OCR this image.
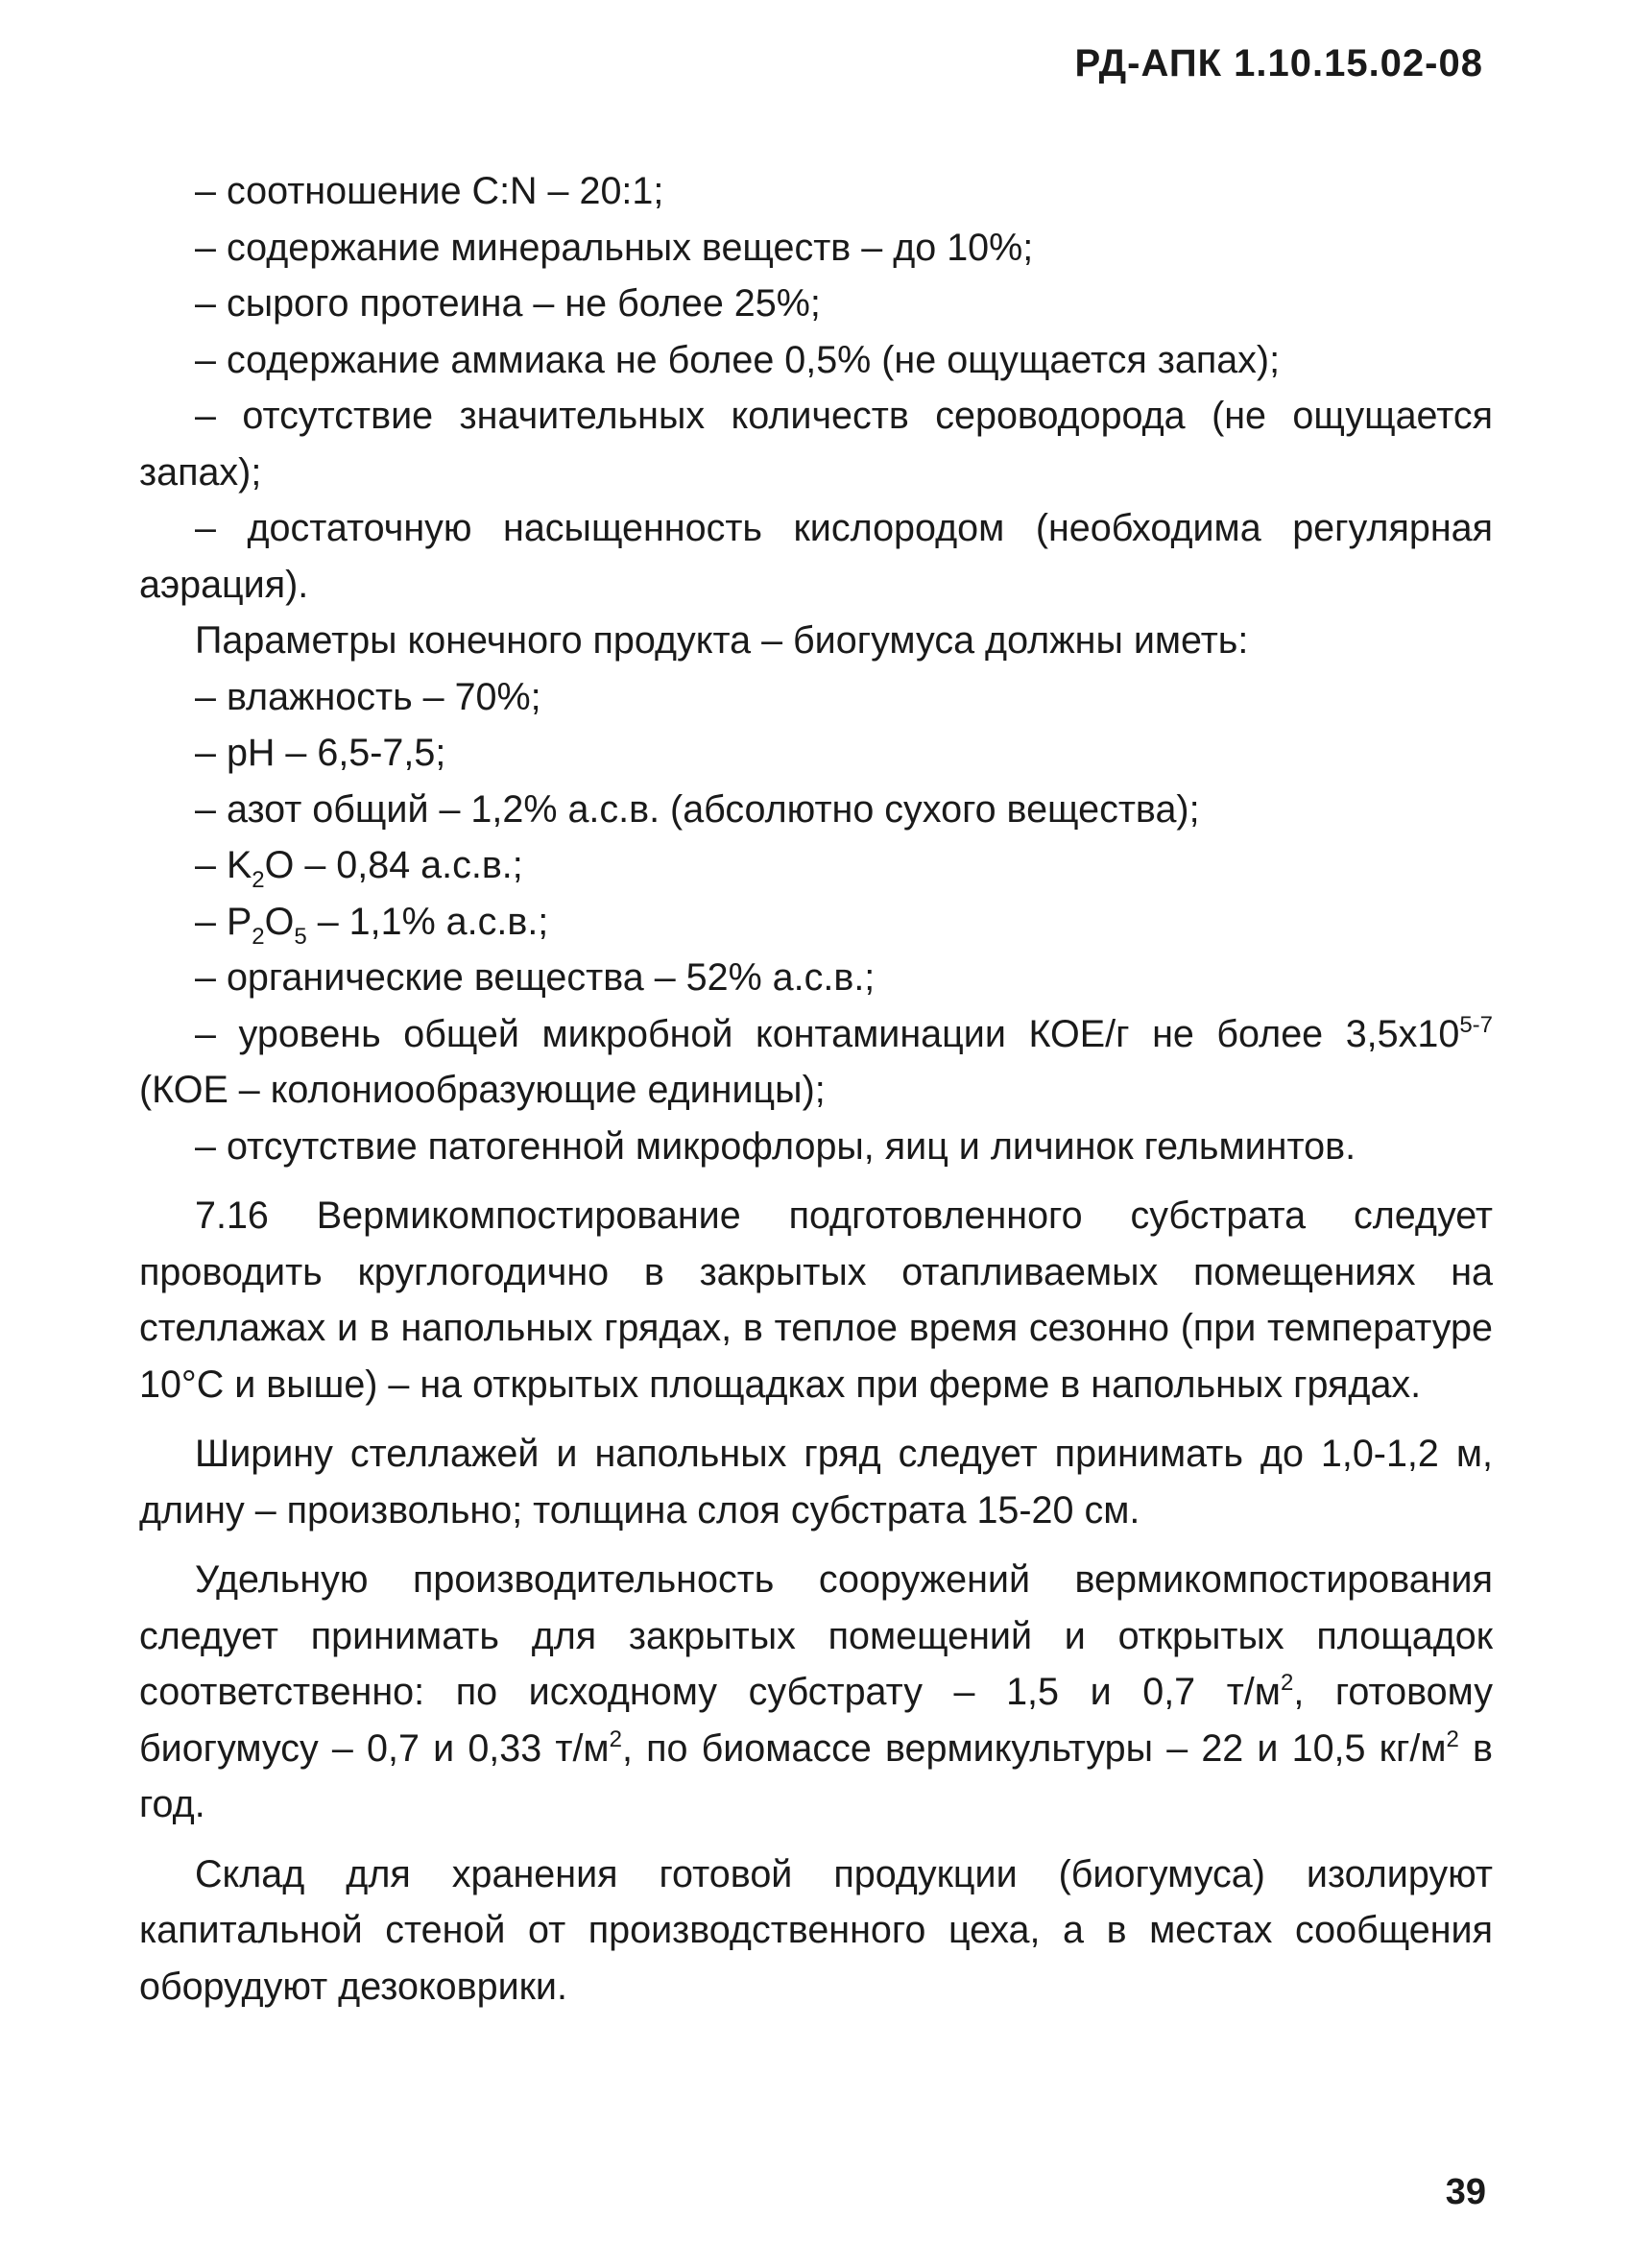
РД-АПК 1.10.15.02-08

– соотношение C:N – 20:1;

– содержание минеральных веществ – до 10%;

– сырого протеина – не более 25%;

– содержание аммиака не более 0,5% (не ощущается запах);

– отсутствие значительных количеств сероводорода (не ощущается запах);

– достаточную насыщенность кислородом (необходима регулярная аэрация).

Параметры конечного продукта – биогумуса должны иметь:

– влажность – 70%;

– pH – 6,5-7,5;

– азот общий – 1,2% а.с.в. (абсолютно сухого вещества);

– $K_2O - 0,84$ а.с.в.;

– $P_2O_5 - 1,1\%$ а.с.в.;

– органические вещества – 52% а.с.в.;

– уровень общей микробной контаминации КОЕ/г не более 3,5х10$^{5-7}$ (КОЕ – колониообразующие единицы);

– отсутствие патогенной микрофлоры, яиц и личинок гельминтов.

7.16 Вермикомпостирование подготовленного субстрата следует проводить круглогодично в закрытых отапливаемых помещениях на стеллажах и в напольных грядах, в теплое время сезонно (при температуре 10°С и выше) – на открытых площадках при ферме в напольных грядах.

Ширину стеллажей и напольных гряд следует принимать до 1,0-1,2 м, длину – произвольно; толщина слоя субстрата 15-20 см.

Удельную производительность сооружений вермикомпостирования следует принимать для закрытых помещений и открытых площадок соответственно: по исходному субстрату – 1,5 и 0,7 $т/м^2$, готовому биогумусу – 0,7 и 0,33 $т/м^2$, по биомассе вермикультуры – 22 и 10,5 $кг/м^2$ в год.

Склад для хранения готовой продукции (биогумуса) изолируют капитальной стеной от производственного цеха, а в местах сообщения оборудуют дезоковрики.

39
